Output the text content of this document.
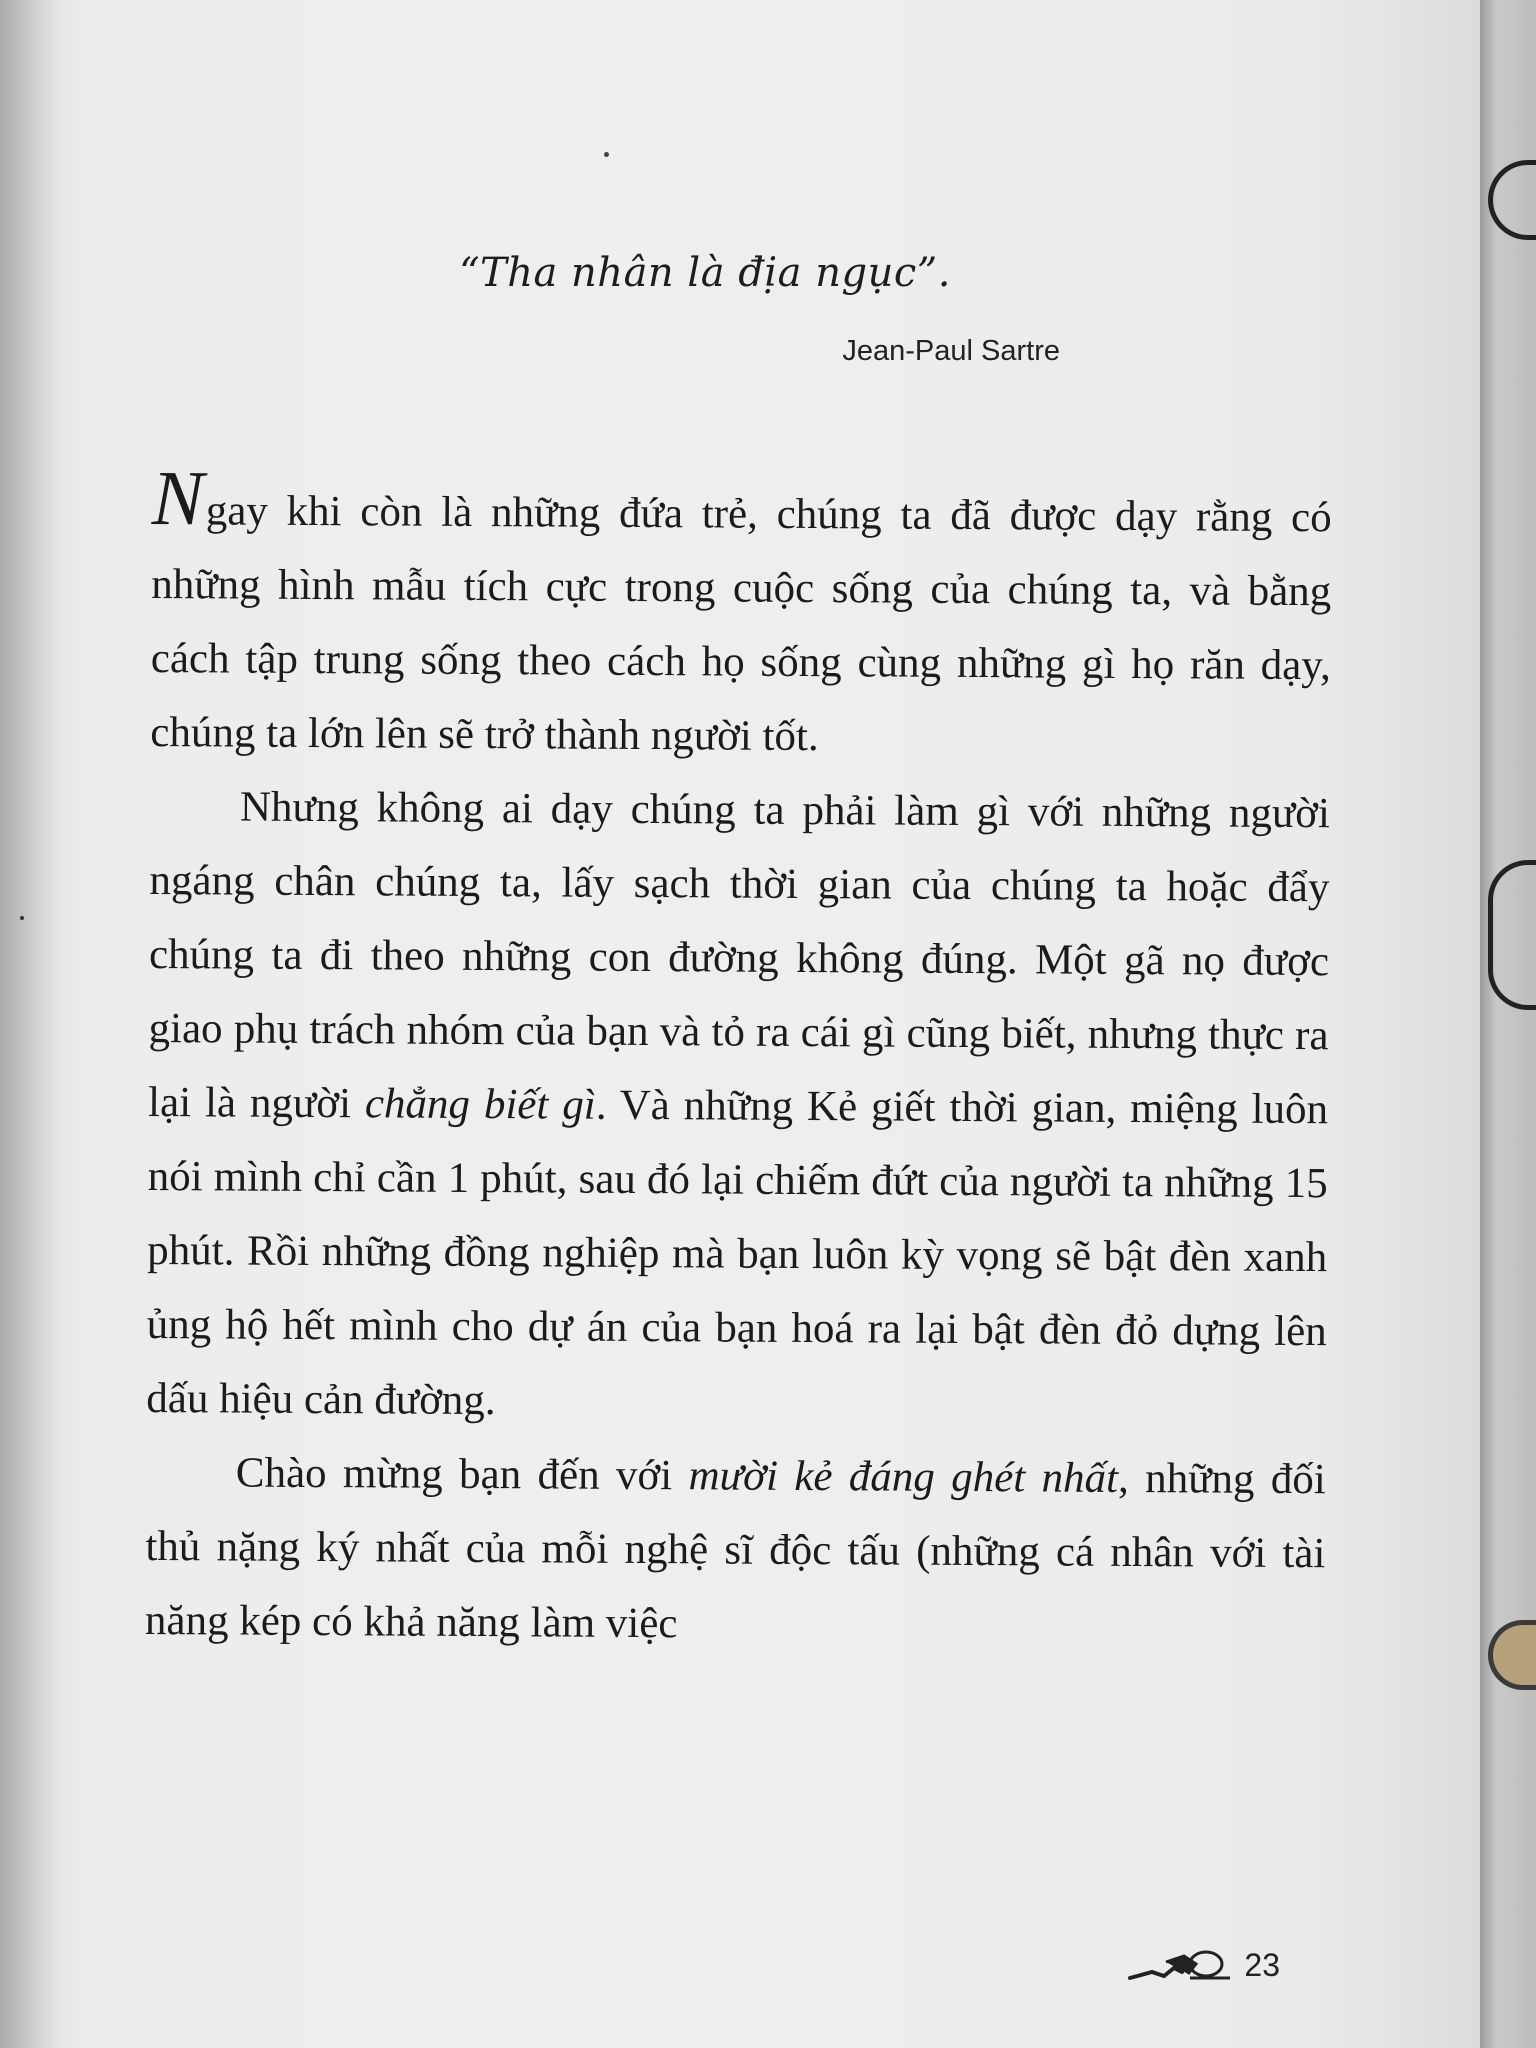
“Tha nhân là địa ngục”.
Jean-Paul Sartre

Ngay khi còn là những đứa trẻ, chúng ta đã được dạy rằng có những hình mẫu tích cực trong cuộc sống của chúng ta, và bằng cách tập trung sống theo cách họ sống cùng những gì họ răn dạy, chúng ta lớn lên sẽ trở thành người tốt.

Nhưng không ai dạy chúng ta phải làm gì với những người ngáng chân chúng ta, lấy sạch thời gian của chúng ta hoặc đẩy chúng ta đi theo những con đường không đúng. Một gã nọ được giao phụ trách nhóm của bạn và tỏ ra cái gì cũng biết, nhưng thực ra lại là người chẳng biết gì. Và những Kẻ giết thời gian, miệng luôn nói mình chỉ cần 1 phút, sau đó lại chiếm đứt của người ta những 15 phút. Rồi những đồng nghiệp mà bạn luôn kỳ vọng sẽ bật đèn xanh ủng hộ hết mình cho dự án của bạn hoá ra lại bật đèn đỏ dựng lên dấu hiệu cản đường.

Chào mừng bạn đến với mười kẻ đáng ghét nhất, những đối thủ nặng ký nhất của mỗi nghệ sĩ độc tấu (những cá nhân với tài năng kép có khả năng làm việc

23
